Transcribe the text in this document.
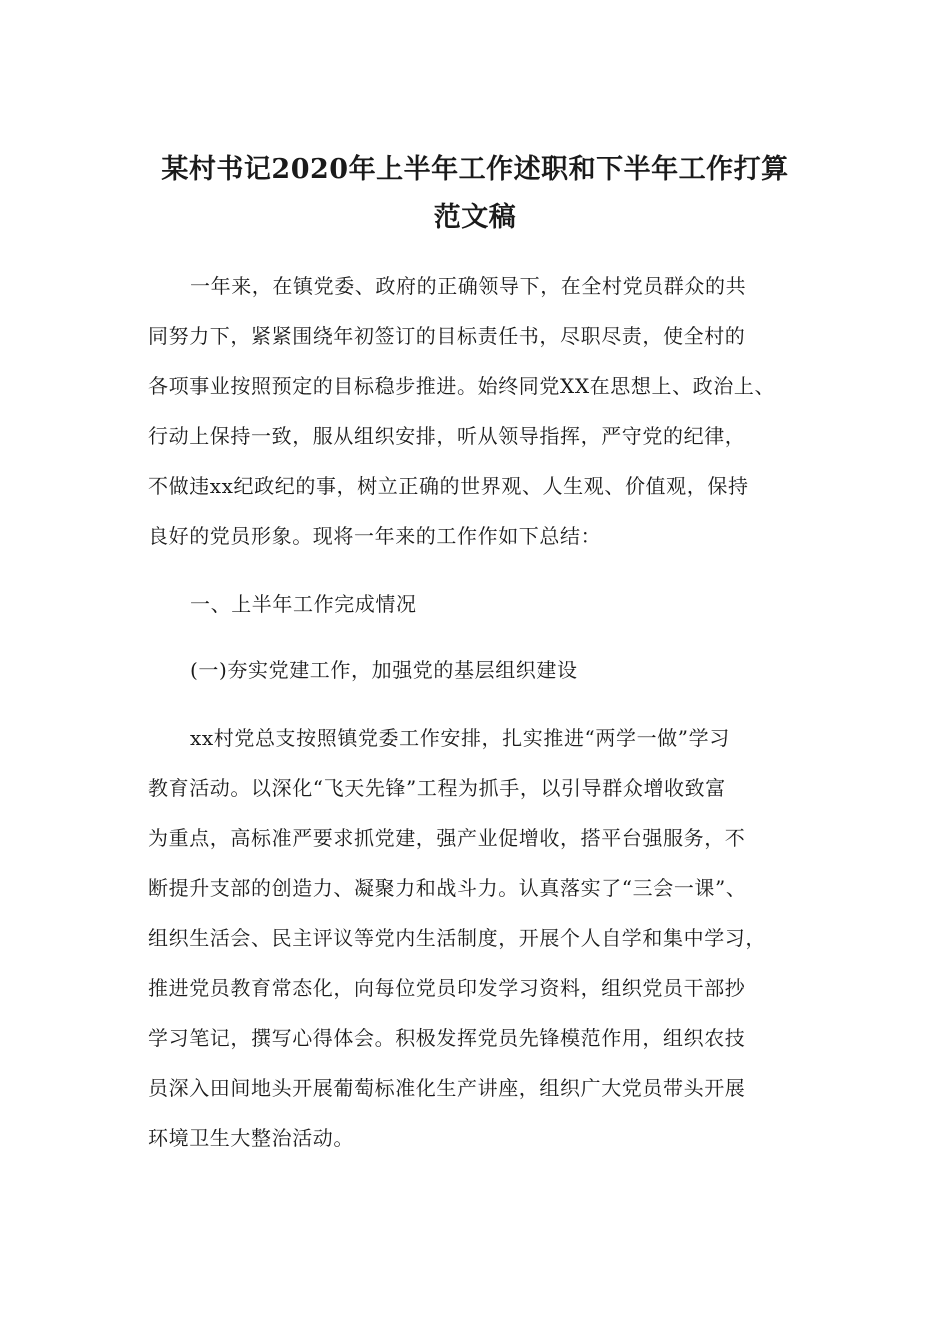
某村书记2020年上半年工作述职和下半年工作打算
范文稿
一年来，在镇党委、政府的正确领导下，在全村党员群众的共
同努力下，紧紧围绕年初签订的目标责任书，尽职尽责，使全村的
各项事业按照预定的目标稳步推进。始终同党XX在思想上、政治上、
行动上保持一致，服从组织安排，听从领导指挥，严守党的纪律，
不做违xx纪政纪的事，树立正确的世界观、人生观、价值观，保持
良好的党员形象。现将一年来的工作作如下总结：
一、上半年工作完成情况
(一)夯实党建工作，加强党的基层组织建设
xx村党总支按照镇党委工作安排，扎实推进“两学一做”学习
教育活动。以深化“飞天先锋”工程为抓手，以引导群众增收致富
为重点，高标准严要求抓党建，强产业促增收，搭平台强服务，不
断提升支部的创造力、凝聚力和战斗力。认真落实了“三会一课”、
组织生活会、民主评议等党内生活制度，开展个人自学和集中学习，
推进党员教育常态化，向每位党员印发学习资料，组织党员干部抄
学习笔记，撰写心得体会。积极发挥党员先锋模范作用，组织农技
员深入田间地头开展葡萄标准化生产讲座，组织广大党员带头开展
环境卫生大整治活动。
